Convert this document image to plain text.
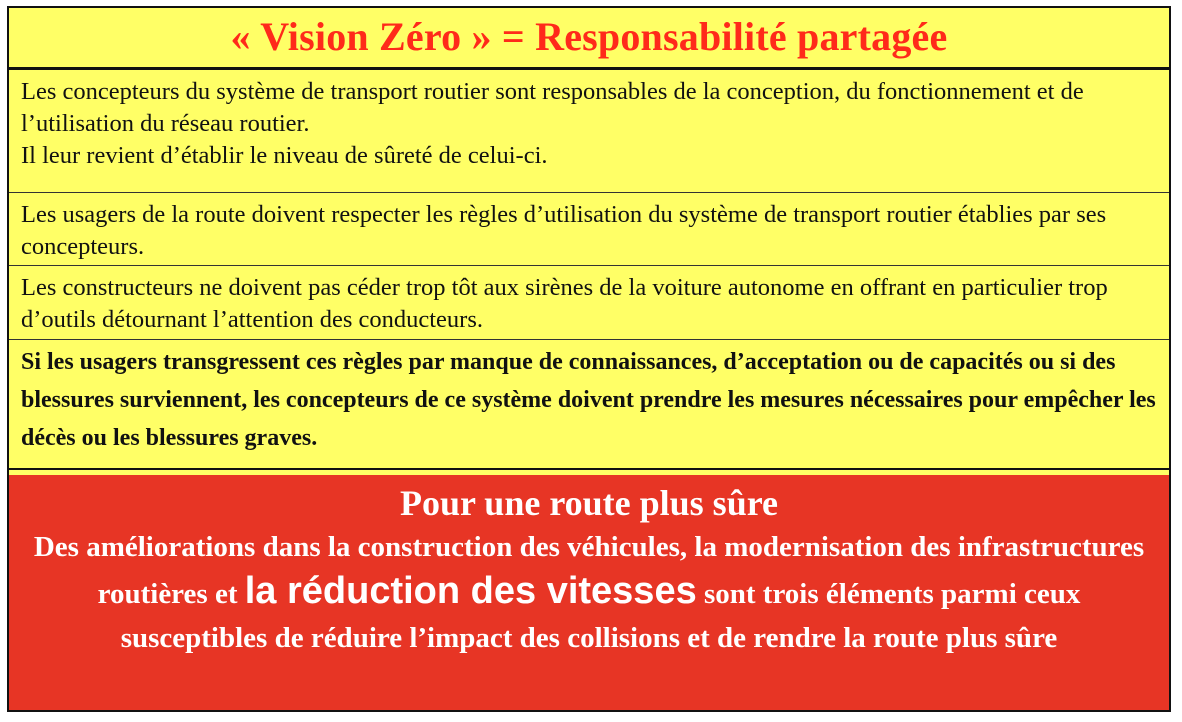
« Vision Zéro » = Responsabilité partagée

Les concepteurs du système de transport routier sont responsables de la conception, du fonctionnement et de l’utilisation du réseau routier.

Il leur revient d’établir le niveau de sûreté de celui-ci.

Les usagers de la route doivent respecter les règles d’utilisation du système de transport routier établies par ses concepteurs.

Les constructeurs ne doivent pas céder trop tôt aux sirènes de la voiture autonome en offrant en particulier trop d’outils détournant l’attention des conducteurs.

Si les usagers transgressent ces règles par manque de connaissances, d’acceptation ou de capacités ou si des blessures surviennent, les concepteurs de ce système doivent prendre les mesures nécessaires pour empêcher les décès ou les blessures graves.

Pour une route plus sûre
Des améliorations dans la construction des véhicules, la modernisation des infrastructures routières et la réduction des vitesses sont trois éléments parmi ceux susceptibles de réduire l’impact des collisions et de rendre la route plus sûre
